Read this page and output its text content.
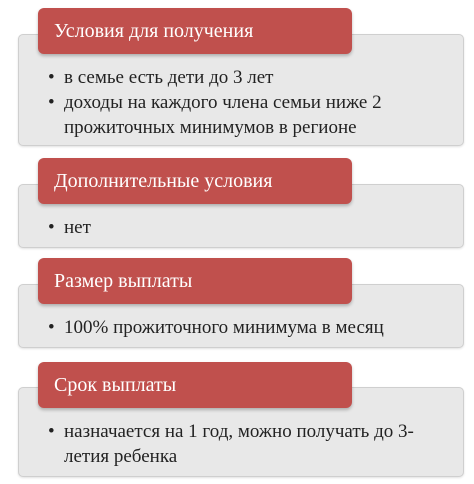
• в семье есть дети до 3 лет
• доходы на каждого члена семьи ниже 2 прожиточных минимумов в регионе
Условия для получения
• нет
Дополнительные условия
• 100% прожиточного минимума в месяц
Размер выплаты
• назначается на 1 год, можно получать до 3-летия ребенка
Срок выплаты
